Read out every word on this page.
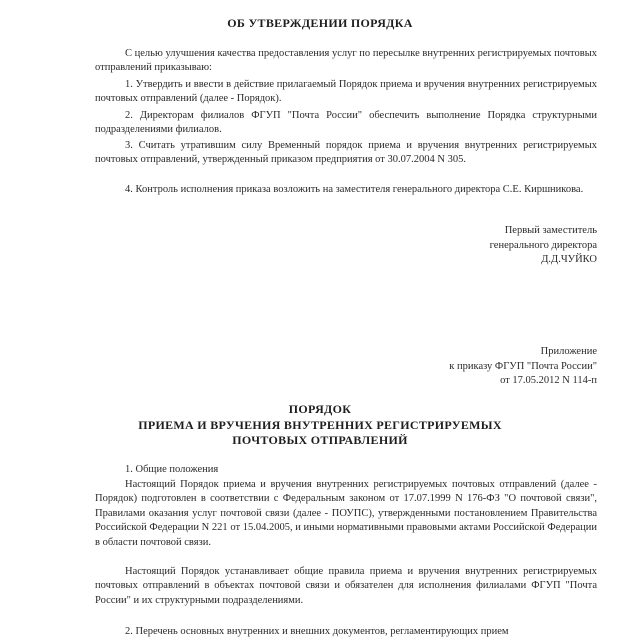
ОБ УТВЕРЖДЕНИИ ПОРЯДКА
С целью улучшения качества предоставления услуг по пересылке внутренних регистрируемых почтовых отправлений приказываю:
1. Утвердить и ввести в действие прилагаемый Порядок приема и вручения внутренних регистрируемых почтовых отправлений (далее - Порядок).
2. Директорам филиалов ФГУП "Почта России" обеспечить выполнение Порядка структурными подразделениями филиалов.
3. Считать утратившим силу Временный порядок приема и вручения внутренних регистрируемых почтовых отправлений, утвержденный приказом предприятия от 30.07.2004 N 305.
4. Контроль исполнения приказа возложить на заместителя генерального директора С.Е. Киршникова.
Первый заместитель
генерального директора
Д.Д.ЧУЙКО
Приложение
к приказу ФГУП "Почта России"
от 17.05.2012 N 114-п
ПОРЯДОК
ПРИЕМА И ВРУЧЕНИЯ ВНУТРЕННИХ РЕГИСТРИРУЕМЫХ
ПОЧТОВЫХ ОТПРАВЛЕНИЙ
1. Общие положения
Настоящий Порядок приема и вручения внутренних регистрируемых почтовых отправлений (далее - Порядок) подготовлен в соответствии с Федеральным законом от 17.07.1999 N 176-ФЗ "О почтовой связи", Правилами оказания услуг почтовой связи (далее - ПОУПС), утвержденными постановлением Правительства Российской Федерации N 221 от 15.04.2005, и иными нормативными правовыми актами Российской Федерации в области почтовой связи.
Настоящий Порядок устанавливает общие правила приема и вручения внутренних регистрируемых почтовых отправлений в объектах почтовой связи и обязателен для исполнения филиалами ФГУП "Почта России" и их структурными подразделениями.
2. Перечень основных внутренних и внешних документов, регламентирующих прием
